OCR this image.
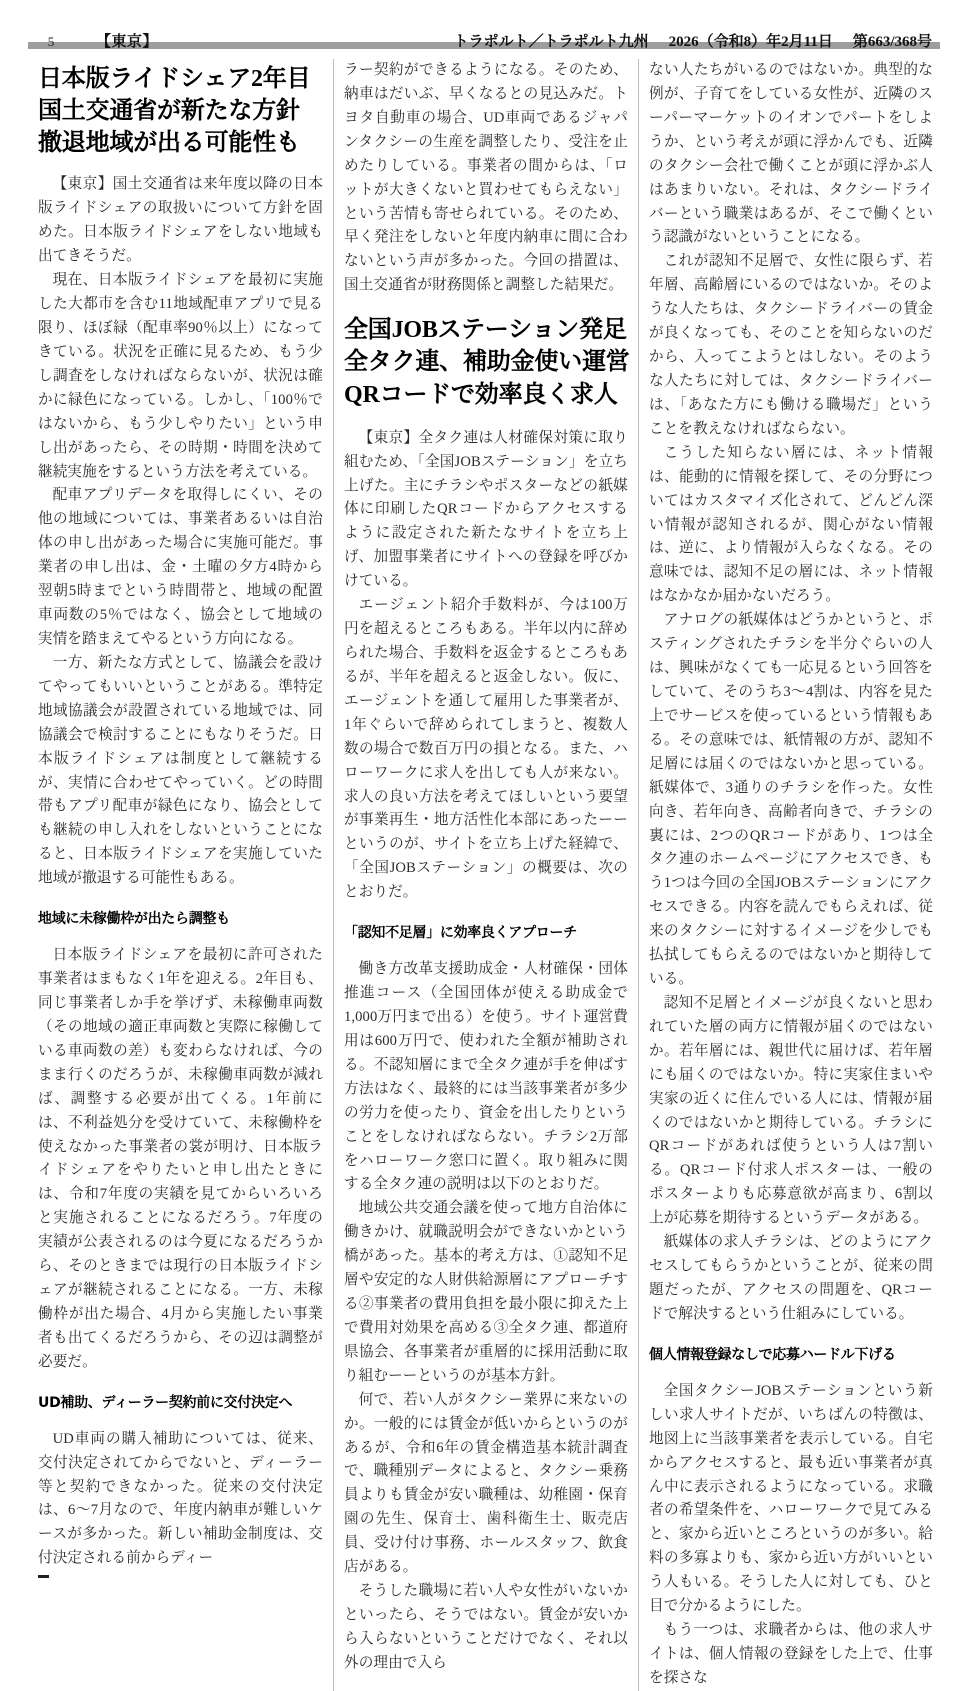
5	【東京】	トラポルト／トラポルト九州 2026（令和8）年2月11日 第663/368号
日本版ライドシェア2年目
国土交通省が新たな方針
撤退地域が出る可能性も

【東京】国土交通省は来年度以降の日本版ライドシェアの取扱いについて方針を固めた。日本版ライドシェアをしない地域も出てきそうだ。

現在、日本版ライドシェアを最初に実施した大都市を含む11地域配車アプリで見る限り、ほぼ緑（配車率90％以上）になってきている。状況を正確に見るため、もう少し調査をしなければならないが、状況は確かに緑色になっている。しかし、「100％ではないから、もう少しやりたい」という申し出があったら、その時期・時間を決めて継続実施をするという方法を考えている。

配車アプリデータを取得しにくい、その他の地域については、事業者あるいは自治体の申し出があった場合に実施可能だ。事業者の申し出は、金・土曜の夕方4時から翌朝5時までという時間帯と、地域の配置車両数の5％ではなく、協会として地域の実情を踏まえてやるという方向になる。

一方、新たな方式として、協議会を設けてやってもいいということがある。準特定地域協議会が設置されている地域では、同協議会で検討することにもなりそうだ。日本版ライドシェアは制度として継続するが、実情に合わせてやっていく。どの時間帯もアプリ配車が緑色になり、協会としても継続の申し入れをしないということになると、日本版ライドシェアを実施していた地域が撤退する可能性もある。

地域に未稼働枠が出たら調整も

日本版ライドシェアを最初に許可された事業者はまもなく1年を迎える。2年目も、同じ事業者しか手を挙げず、未稼働車両数（その地域の適正車両数と実際に稼働している車両数の差）も変わらなければ、今のまま行くのだろうが、未稼働車両数が減れば、調整する必要が出てくる。1年前には、不利益処分を受けていて、未稼働枠を使えなかった事業者の裳が明け、日本版ライドシェアをやりたいと申し出たときには、令和7年度の実績を見てからいろいろと実施されることになるだろう。7年度の実績が公表されるのは今夏になるだろうから、そのときまでは現行の日本版ライドシェアが継続されることになる。一方、未稼働枠が出た場合、4月から実施したい事業者も出てくるだろうから、その辺は調整が必要だ。

UD補助、ディーラー契約前に交付決定へ

UD車両の購入補助については、従来、交付決定されてからでないと、ディーラー等と契約できなかった。従来の交付決定は、6〜7月なので、年度内納車が難しいケースが多かった。新しい補助金制度は、交付決定される前からディー

ラー契約ができるようになる。そのため、納車はだいぶ、早くなるとの見込みだ。トヨタ自動車の場合、UD車両であるジャパンタクシーの生産を調整したり、受注を止めたりしている。事業者の間からは、「ロットが大きくないと買わせてもらえない」という苦情も寄せられている。そのため、早く発注をしないと年度内納車に間に合わないという声が多かった。今回の措置は、国土交通省が財務関係と調整した結果だ。

全国JOBステーション発足
全タク連、補助金使い運営
QRコードで効率良く求人

【東京】全タク連は人材確保対策に取り組むため、「全国JOBステーション」を立ち上げた。主にチラシやポスターなどの紙媒体に印刷したQRコードからアクセスするように設定された新たなサイトを立ち上げ、加盟事業者にサイトへの登録を呼びかけている。

エージェント紹介手数料が、今は100万円を超えるところもある。半年以内に辞められた場合、手数料を返金するところもあるが、半年を超えると返金しない。仮に、エージェントを通して雇用した事業者が、1年ぐらいで辞められてしまうと、複数人数の場合で数百万円の損となる。また、ハローワークに求人を出しても人が来ない。求人の良い方法を考えてほしいという要望が事業再生・地方活性化本部にあったーーというのが、サイトを立ち上げた経緯で、「全国JOBステーション」の概要は、次のとおりだ。

「認知不足層」に効率良くアプローチ

働き方改革支援助成金・人材確保・団体推進コース（全国団体が使える助成金で1,000万円まで出る）を使う。サイト運営費用は600万円で、使われた全額が補助される。不認知層にまで全タク連が手を伸ばす方法はなく、最終的には当該事業者が多少の労力を使ったり、資金を出したりということをしなければならない。チラシ2万部をハローワーク窓口に置く。取り組みに関する全タク連の説明は以下のとおりだ。

地域公共交通会議を使って地方自治体に働きかけ、就職説明会ができないかという橋があった。基本的考え方は、①認知不足層や安定的な人財供給源層にアプローチする②事業者の費用負担を最小限に抑えた上で費用対効果を高める③全タク連、都道府県協会、各事業者が重層的に採用活動に取り組むーーというのが基本方針。

何で、若い人がタクシー業界に来ないのか。一般的には賃金が低いからというのがあるが、令和6年の賃金構造基本統計調査で、職種別データによると、タクシー乗務員よりも賃金が安い職種は、幼稚園・保育園の先生、保育士、歯科衛生士、販売店員、受け付け事務、ホールスタッフ、飲食店がある。

そうした職場に若い人や女性がいないかといったら、そうではない。賃金が安いから入らないということだけでなく、それ以外の理由で入ら

ない人たちがいるのではないか。典型的な例が、子育てをしている女性が、近隣のスーパーマーケットのイオンでパートをしようか、という考えが頭に浮かんでも、近隣のタクシー会社で働くことが頭に浮かぶ人はあまりいない。それは、タクシードライバーという職業はあるが、そこで働くという認識がないということになる。

これが認知不足層で、女性に限らず、若年層、高齢層にいるのではないか。そのような人たちは、タクシードライバーの賃金が良くなっても、そのことを知らないのだから、入ってこようとはしない。そのような人たちに対しては、タクシードライバーは、「あなた方にも働ける職場だ」ということを教えなければならない。

こうした知らない層には、ネット情報は、能動的に情報を探して、その分野についてはカスタマイズ化されて、どんどん深い情報が認知されるが、関心がない情報は、逆に、より情報が入らなくなる。その意味では、認知不足の層には、ネット情報はなかなか届かないだろう。

アナログの紙媒体はどうかというと、ポスティングされたチラシを半分ぐらいの人は、興味がなくても一応見るという回答をしていて、そのうち3〜4割は、内容を見た上でサービスを使っているという情報もある。その意味では、紙情報の方が、認知不足層には届くのではないかと思っている。紙媒体で、3通りのチラシを作った。女性向き、若年向き、高齢者向きで、チラシの裏には、2つのQRコードがあり、1つは全タク連のホームページにアクセスでき、もう1つは今回の全国JOBステーションにアクセスできる。内容を読んでもらえれば、従来のタクシーに対するイメージを少しでも払拭してもらえるのではないかと期待している。

認知不足層とイメージが良くないと思われていた層の両方に情報が届くのではないか。若年層には、親世代に届けば、若年層にも届くのではないか。特に実家住まいや実家の近くに住んでいる人には、情報が届くのではないかと期待している。チラシにQRコードがあれば使うという人は7割いる。QRコード付求人ポスターは、一般のポスターよりも応募意欲が高まり、6割以上が応募を期待するというデータがある。

紙媒体の求人チラシは、どのようにアクセスしてもらうかということが、従来の問題だったが、アクセスの問題を、QRコードで解決するという仕組みにしている。

個人情報登録なしで応募ハードル下げる

全国タクシーJOBステーションという新しい求人サイトだが、いちばんの特徴は、地図上に当該事業者を表示している。自宅からアクセスすると、最も近い事業者が真ん中に表示されるようになっている。求職者の希望条件を、ハローワークで見てみると、家から近いところというのが多い。給料の多寡よりも、家から近い方がいいという人もいる。そうした人に対しても、ひと目で分かるようにした。

もう一つは、求職者からは、他の求人サイトは、個人情報の登録をした上で、仕事を探さな
